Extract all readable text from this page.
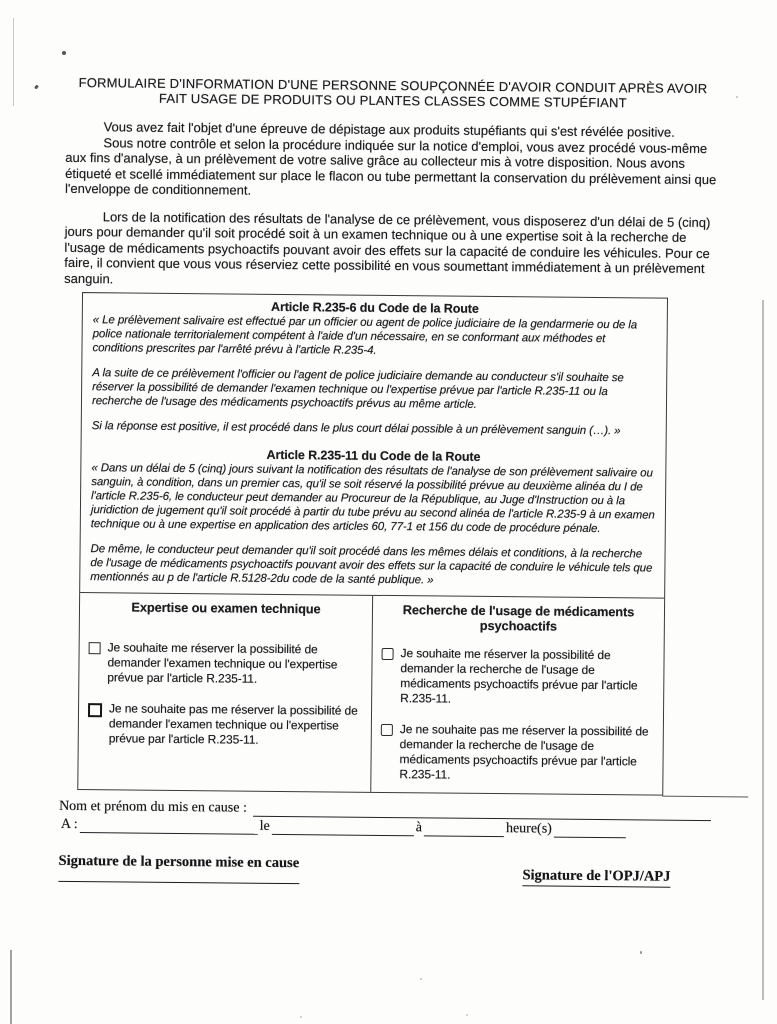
FORMULAIRE D'INFORMATION D'UNE PERSONNE SOUPÇONNÉE D'AVOIR CONDUIT APRÈS AVOIR
FAIT USAGE DE PRODUITS OU PLANTES CLASSES COMME STUPÉFIANT

Vous avez fait l'objet d'une épreuve de dépistage aux produits stupéfiants qui s'est révélée positive.

Sous notre contrôle et selon la procédure indiquée sur la notice d'emploi, vous avez procédé vous-même aux fins d'analyse, à un prélèvement de votre salive grâce au collecteur mis à votre disposition. Nous avons étiqueté et scellé immédiatement sur place le flacon ou tube permettant la conservation du prélèvement ainsi que l'enveloppe de conditionnement.

Lors de la notification des résultats de l'analyse de ce prélèvement, vous disposerez d'un délai de 5 (cinq) jours pour demander qu'il soit procédé soit à un examen technique ou à une expertise soit à la recherche de l'usage de médicaments psychoactifs pouvant avoir des effets sur la capacité de conduire les véhicules. Pour ce faire, il convient que vous vous réserviez cette possibilité en vous soumettant immédiatement à un prélèvement sanguin.

Article R.235-6 du Code de la Route

« Le prélèvement salivaire est effectué par un officier ou agent de police judiciaire de la gendarmerie ou de la police nationale territorialement compétent à l'aide d'un nécessaire, en se conformant aux méthodes et conditions prescrites par l'arrêté prévu à l'article R.235-4.

A la suite de ce prélèvement l'officier ou l'agent de police judiciaire demande au conducteur s'il souhaite se réserver la possibilité de demander l'examen technique ou l'expertise prévue par l'article R.235-11 ou la recherche de l'usage des médicaments psychoactifs prévus au même article.

Si la réponse est positive, il est procédé dans le plus court délai possible à un prélèvement sanguin (…). »

Article R.235-11 du Code de la Route

« Dans un délai de 5 (cinq) jours suivant la notification des résultats de l'analyse de son prélèvement salivaire ou sanguin, à condition, dans un premier cas, qu'il se soit réservé la possibilité prévue au deuxième alinéa du I de l'article R.235-6, le conducteur peut demander au Procureur de la République, au Juge d'Instruction ou à la juridiction de jugement qu'il soit procédé à partir du tube prévu au second alinéa de l'article R.235-9 à un examen technique ou à une expertise en application des articles 60, 77-1 et 156 du code de procédure pénale.

De même, le conducteur peut demander qu'il soit procédé dans les mêmes délais et conditions, à la recherche de l'usage de médicaments psychoactifs pouvant avoir des effets sur la capacité de conduire le véhicule tels que mentionnés au p de l'article R.5128-2du code de la santé publique. »

Expertise ou examen technique

Je souhaite me réserver la possibilité de demander l'examen technique ou l'expertise prévue par l'article R.235-11.
Je ne souhaite pas me réserver la possibilité de demander l'examen technique ou l'expertise prévue par l'article R.235-11.

Recherche de l'usage de médicaments psychoactifs

Je souhaite me réserver la possibilité de demander la recherche de l'usage de médicaments psychoactifs prévue par l'article R.235-11.
Je ne souhaite pas me réserver la possibilité de demander la recherche de l'usage de médicaments psychoactifs prévue par l'article R.235-11.
Nom et prénom du mis en cause :
A :	le	à	heure(s)
Signature de la personne mise en cause
Signature de l'OPJ/APJ
